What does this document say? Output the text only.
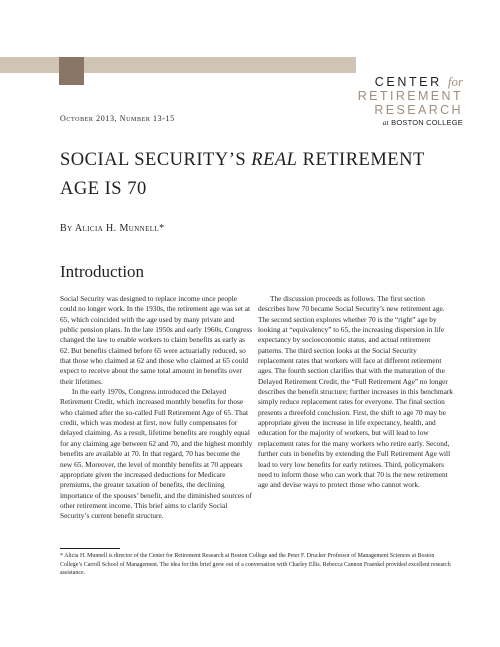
CENTER for
RETIREMENT
RESEARCH
at BOSTON COLLEGE
October 2013, Number 13-15
SOCIAL SECURITY’S REAL RETIREMENT AGE IS 70
By Alicia H. Munnell*
Introduction

Social Security was designed to replace income once people could no longer work. In the 1930s, the retirement age was set at 65, which coincided with the age used by many private and public pension plans. In the late 1950s and early 1960s, Congress changed the law to enable workers to claim benefits as early as 62. But benefits claimed before 65 were actuarially reduced, so that those who claimed at 62 and those who claimed at 65 could expect to receive about the same total amount in benefits over their lifetimes.

In the early 1970s, Congress introduced the Delayed Retirement Credit, which increased monthly benefits for those who claimed after the so-called Full Retirement Age of 65. That credit, which was modest at first, now fully compensates for delayed claiming. As a result, lifetime benefits are roughly equal for any claiming age between 62 and 70, and the highest monthly benefits are available at 70. In that regard, 70 has become the new 65. Moreover, the level of monthly benefits at 70 appears appropriate given the increased deductions for Medicare premiums, the greater taxation of benefits, the declining importance of the spouses’ benefit, and the diminished sources of other retirement income. This brief aims to clarify Social Security’s current benefit structure.

The discussion proceeds as follows. The first section describes how 70 became Social Security’s new retirement age. The second section explores whether 70 is the “right” age by looking at “equivalency” to 65, the increasing dispersion in life expectancy by socioeconomic status, and actual retirement patterns. The third section looks at the Social Security replacement rates that workers will face at different retirement ages. The fourth section clarifies that with the maturation of the Delayed Retirement Credit, the “Full Retirement Age” no longer describes the benefit structure; further increases in this benchmark simply reduce replacement rates for everyone. The final section presents a threefold conclusion. First, the shift to age 70 may be appropriate given the increase in life expectancy, health, and education for the majority of workers, but will lead to low replacement rates for the many workers who retire early. Second, further cuts in benefits by extending the Full Retirement Age will lead to very low benefits for early retirees. Third, policymakers need to inform those who can work that 70 is the new retirement age and devise ways to protect those who cannot work.

* Alicia H. Munnell is director of the Center for Retirement Research at Boston College and the Peter F. Drucker Professor of Management Sciences at Boston College’s Carroll School of Management. The idea for this brief grew out of a conversation with Charley Ellis. Rebecca Cannon Fraenkel provided excellent research assistance.
